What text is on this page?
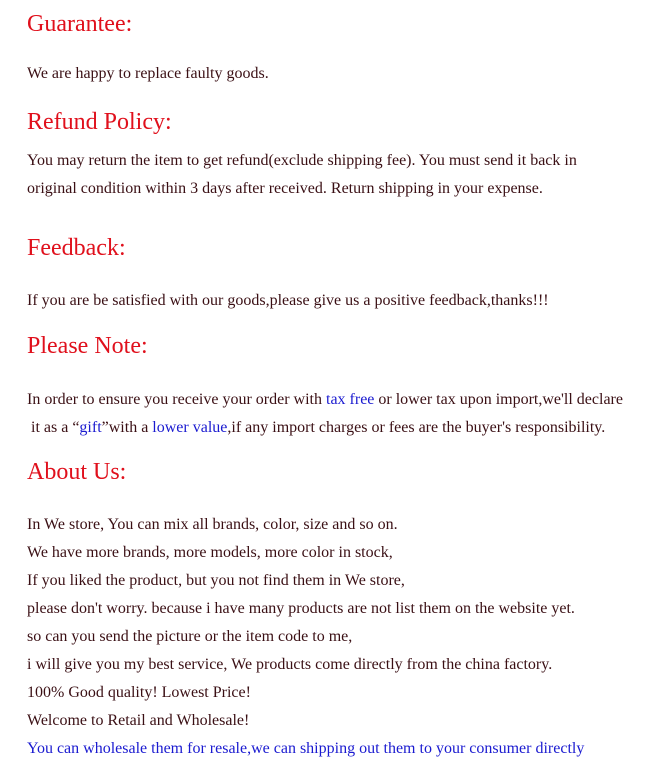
Guarantee:

We are happy to replace faulty goods.

Refund Policy:

You may return the item to get refund(exclude shipping fee). You must send it back in
original condition within 3 days after received. Return shipping in your expense.

Feedback:

If you are be satisfied with our goods,please give us a positive feedback,thanks!!!

Please Note:

In order to ensure you receive your order with tax free or lower tax upon import,we'll declare
it as a “gift”with a lower value,if any import charges or fees are the buyer's responsibility.

About Us:

In We store, You can mix all brands, color, size and so on.
We have more brands, more models, more color in stock,
If you liked the product, but you not find them in We store,
please don't worry. because i have many products are not list them on the website yet.
so can you send the picture or the item code to me,
i will give you my best service, We products come directly from the china factory.
100% Good quality! Lowest Price!
Welcome to Retail and Wholesale!
You can wholesale them for resale,we can shipping out them to your consumer directly
